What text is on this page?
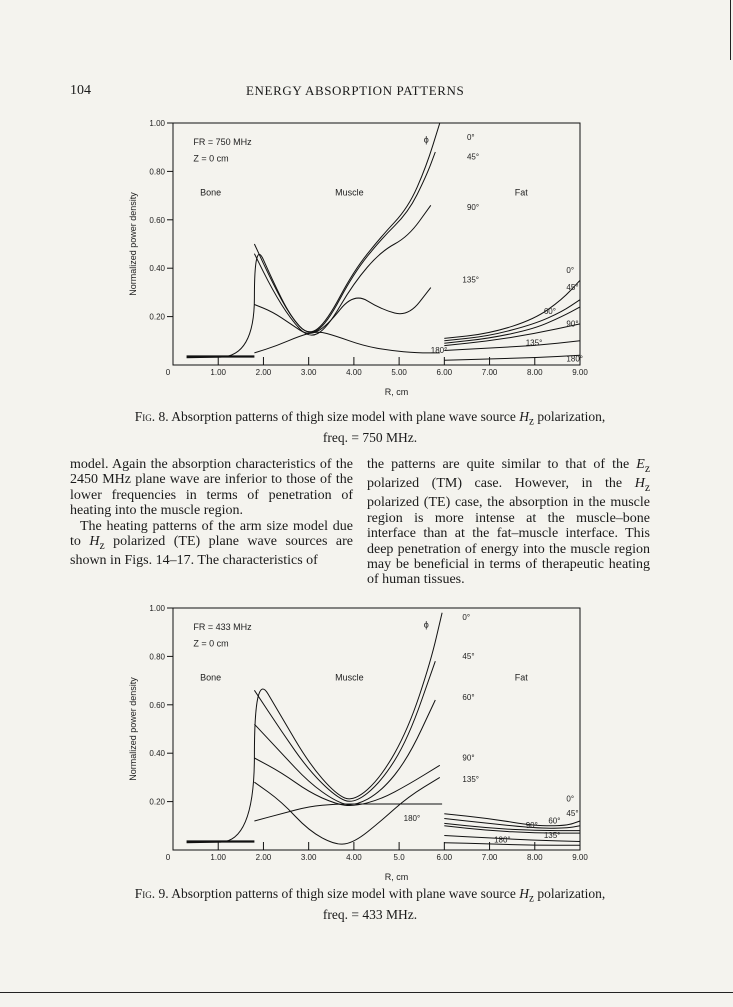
104	ENERGY ABSORPTION PATTERNS
0.20
0.40
0.60
0.80
1.00
0	1.00	2.00	3.00	4.00	5.00	6.00	7.00	8.00	9.00
Normalized power density
R, cm
FR = 750 MHz
Z = 0 cm
Bone	Muscle	Fat
ϕ	0°
45°
90°
135°
180°
0°
45°
60°
90°
135°
180°
Fig. 8. Absorption patterns of thigh size model with plane wave source $H_z$ polarization,
freq. = 750 MHz.

model. Again the absorption characteristics of the 2450 MHz plane wave are inferior to those of the lower frequencies in terms of penetration of heating into the muscle region.

The heating patterns of the arm size model due to $H_z$ polarized (TE) plane wave sources are shown in Figs. 14–17. The characteristics of

the patterns are quite similar to that of the $E_z$ polarized (TM) case. However, in the $H_z$ polarized (TE) case, the absorption in the muscle region is more intense at the muscle–bone interface than at the fat–muscle interface. This deep penetration of energy into the muscle region may be beneficial in terms of therapeutic heating of human tissues.

0.20
0.40
0.60
0.80
1.00
0	1.00	2.00	3.00	4.00	5.0	6.00	7.00	8.00	9.00
Normalized power density
R, cm
FR = 433 MHz
Z = 0 cm
Bone	Muscle	Fat
ϕ
0°
45°
60°
90°
135°
180°
0°
45°
60°
90°
135°
180°
Fig. 9. Absorption patterns of thigh size model with plane wave source $H_z$ polarization,
freq. = 433 MHz.
